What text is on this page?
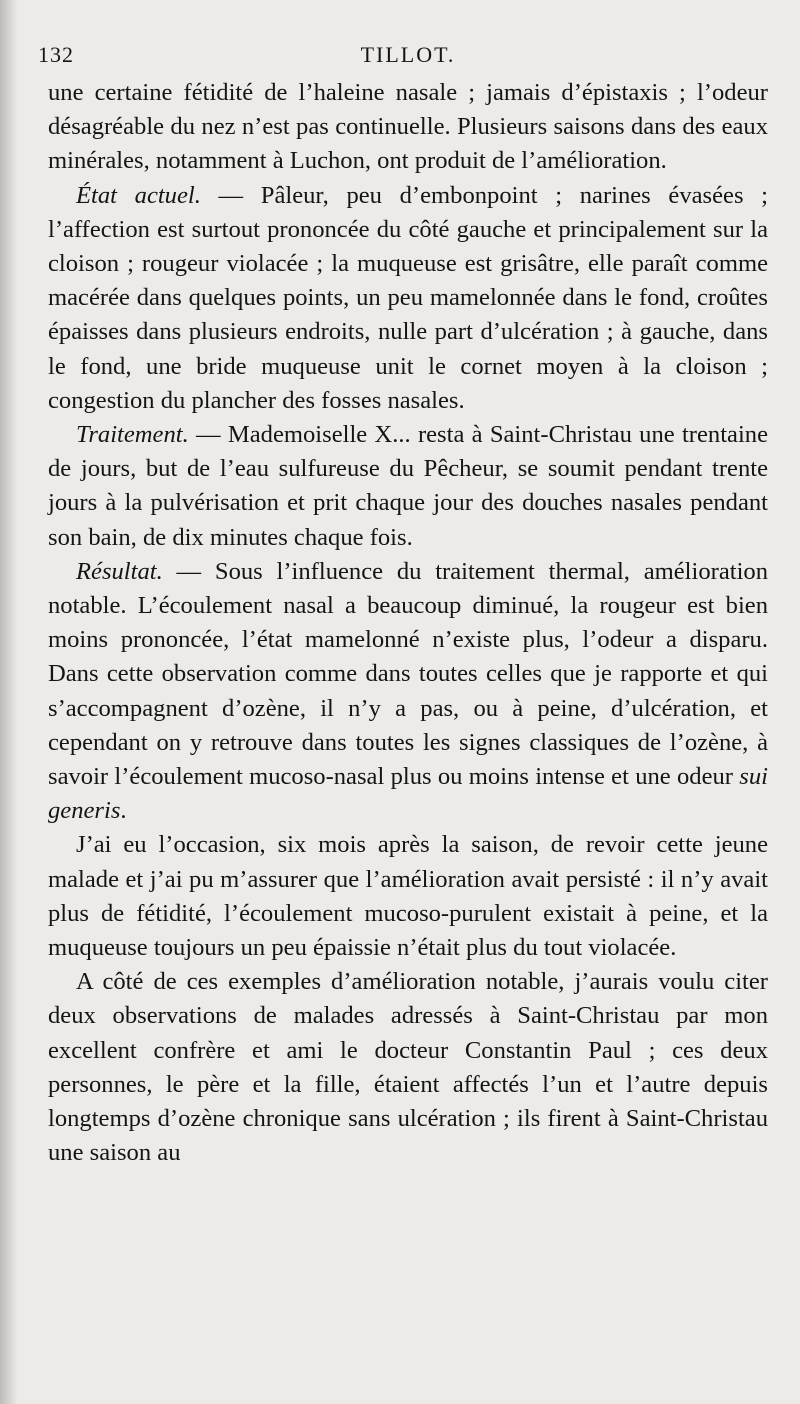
132	TILLOT.

une certaine fétidité de l’haleine nasale ; jamais d’épistaxis ; l’odeur désagréable du nez n’est pas continuelle. Plusieurs saisons dans des eaux minérales, notamment à Luchon, ont produit de l’amélioration.

État actuel. — Pâleur, peu d’embonpoint ; narines évasées ; l’affection est surtout prononcée du côté gauche et principalement sur la cloison ; rougeur violacée ; la muqueuse est grisâtre, elle paraît comme macérée dans quelques points, un peu mamelonnée dans le fond, croûtes épaisses dans plusieurs endroits, nulle part d’ulcération ; à gauche, dans le fond, une bride muqueuse unit le cornet moyen à la cloison ; congestion du plancher des fosses nasales.

Traitement. — Mademoiselle X... resta à Saint-Christau une trentaine de jours, but de l’eau sulfureuse du Pêcheur, se soumit pendant trente jours à la pulvérisation et prit chaque jour des douches nasales pendant son bain, de dix minutes chaque fois.

Résultat. — Sous l’influence du traitement thermal, amélioration notable. L’écoulement nasal a beaucoup diminué, la rougeur est bien moins prononcée, l’état mamelonné n’existe plus, l’odeur a disparu. Dans cette observation comme dans toutes celles que je rapporte et qui s’accompagnent d’ozène, il n’y a pas, ou à peine, d’ulcération, et cependant on y retrouve dans toutes les signes classiques de l’ozène, à savoir l’écoulement mucoso-nasal plus ou moins intense et une odeur sui generis.

J’ai eu l’occasion, six mois après la saison, de revoir cette jeune malade et j’ai pu m’assurer que l’amélioration avait persisté : il n’y avait plus de fétidité, l’écoulement mucoso-purulent existait à peine, et la muqueuse toujours un peu épaissie n’était plus du tout violacée.

A côté de ces exemples d’amélioration notable, j’aurais voulu citer deux observations de malades adressés à Saint-Christau par mon excellent confrère et ami le docteur Constantin Paul ; ces deux personnes, le père et la fille, étaient affectés l’un et l’autre depuis longtemps d’ozène chronique sans ulcération ; ils firent à Saint-Christau une saison au
